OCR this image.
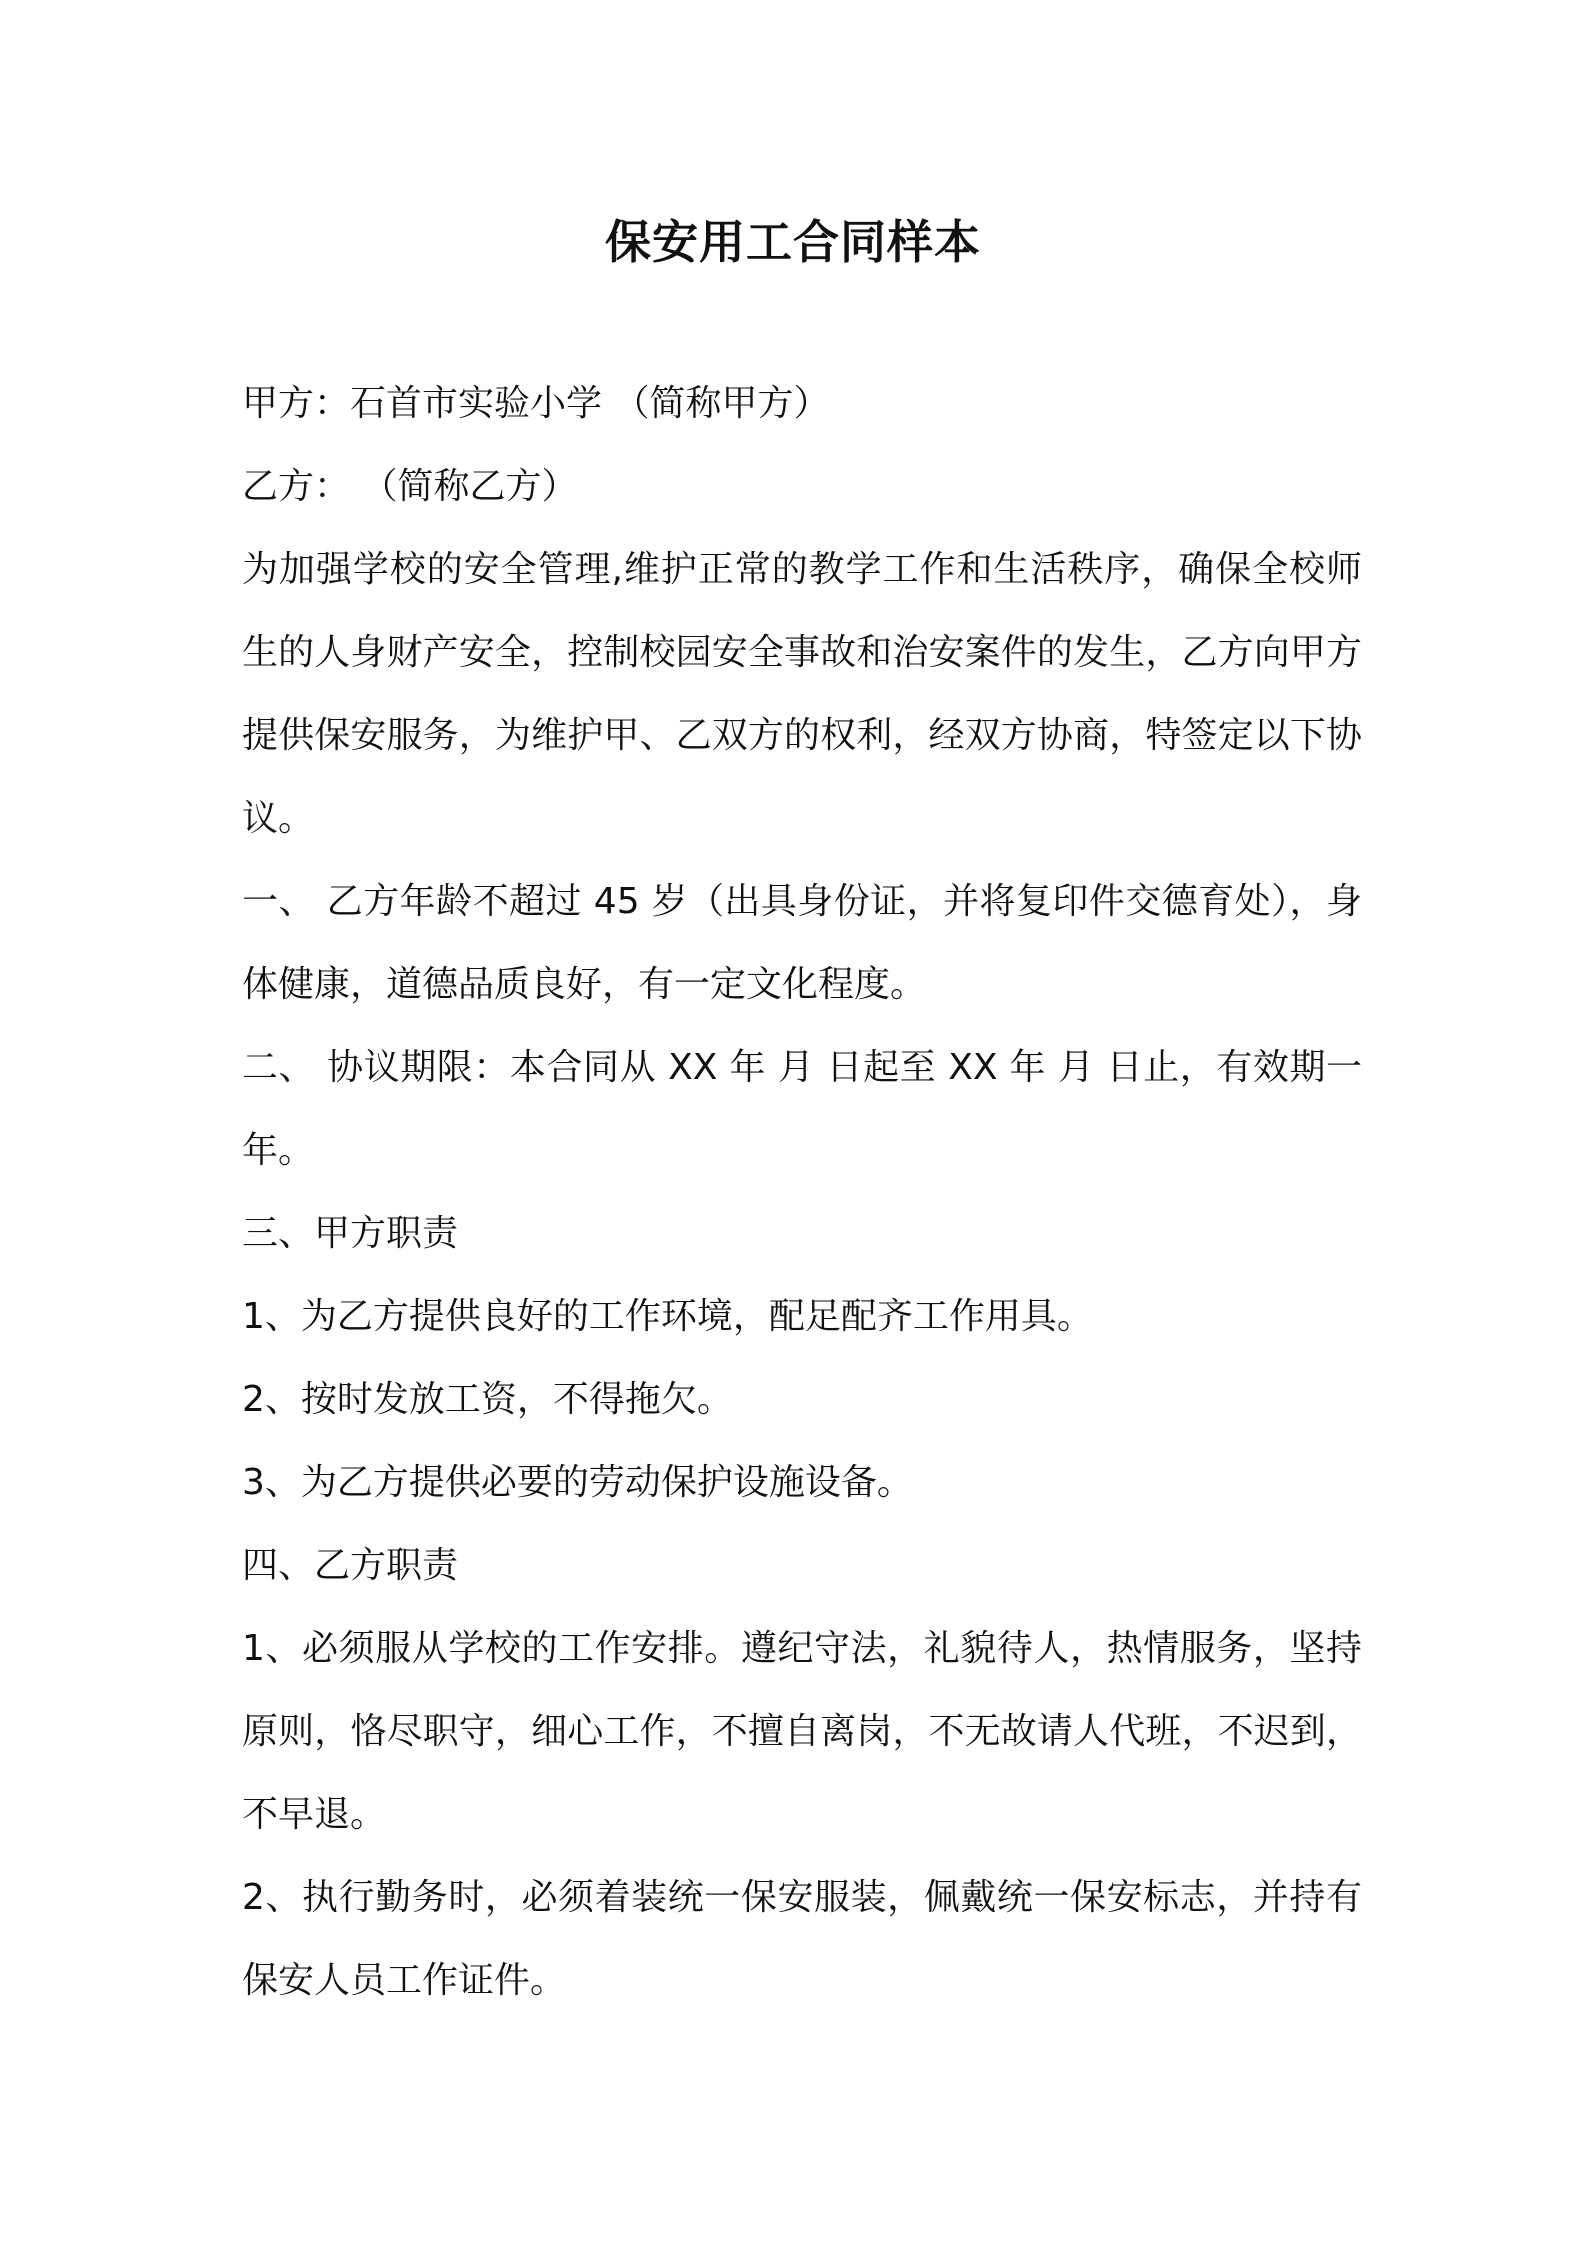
保安用工合同样本

甲方：石首市实验小学 （简称甲方）

乙方： （简称乙方）

为加强学校的安全管理,维护正常的教学工作和生活秩序，确保全校师生的人身财产安全，控制校园安全事故和治安案件的发生，乙方向甲方提供保安服务，为维护甲、乙双方的权利，经双方协商，特签定以下协议。

一、 乙方年龄不超过 45 岁（出具身份证，并将复印件交德育处），身体健康，道德品质良好，有一定文化程度。

二、 协议期限：本合同从 XX 年 月 日起至 XX 年 月 日止，有效期一年。

三、甲方职责

1、为乙方提供良好的工作环境，配足配齐工作用具。

2、按时发放工资，不得拖欠。

3、为乙方提供必要的劳动保护设施设备。

四、乙方职责

1、必须服从学校的工作安排。遵纪守法，礼貌待人，热情服务，坚持原则，恪尽职守，细心工作，不擅自离岗，不无故请人代班，不迟到，不早退。

2、执行勤务时，必须着装统一保安服装，佩戴统一保安标志，并持有保安人员工作证件。
